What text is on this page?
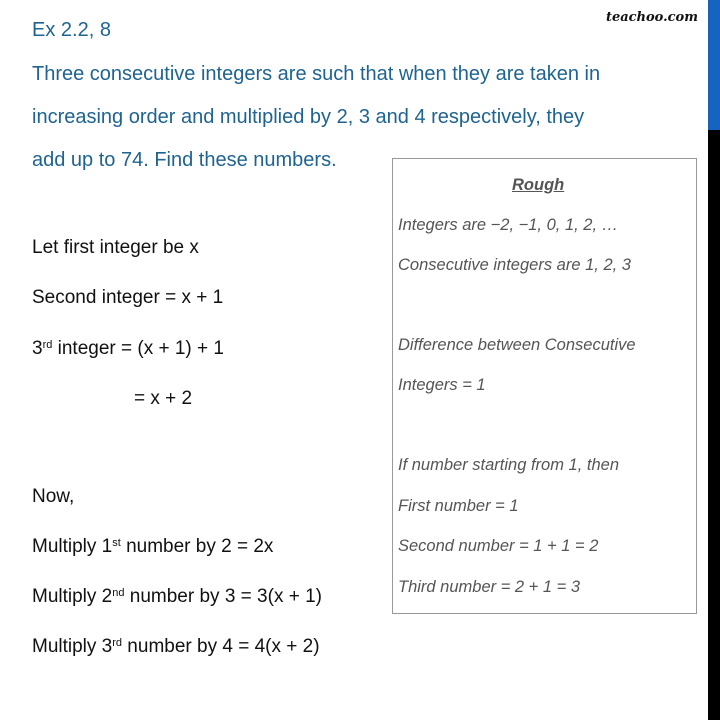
teachoo.com
Ex 2.2, 8
Three consecutive integers are such that when they are taken in
increasing order and multiplied by 2, 3 and 4 respectively, they
add up to 74. Find these numbers.
Let first integer be x
Second integer = x + 1
3rd integer = (x + 1) + 1
= x + 2
Now,
Multiply 1st number by 2 = 2x
Multiply 2nd number by 3 = 3(x + 1)
Multiply 3rd number by 4 = 4(x + 2)
Rough
Integers are −2, −1, 0, 1, 2, …
Consecutive integers are 1, 2, 3
Difference between Consecutive
Integers = 1
If number starting from 1, then
First number = 1
Second number = 1 + 1 = 2
Third number = 2 + 1 = 3
